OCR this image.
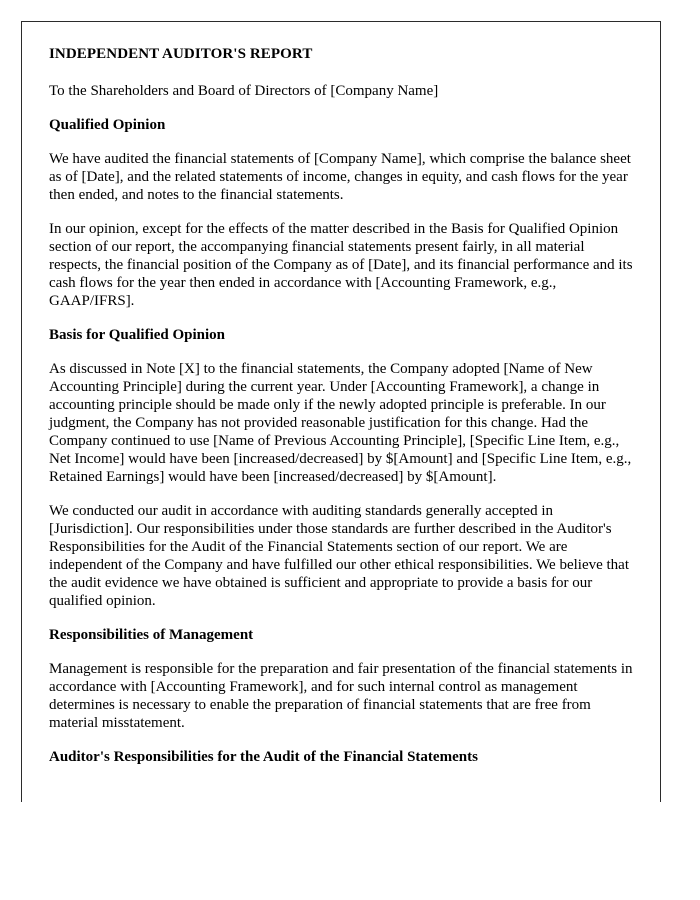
INDEPENDENT AUDITOR'S REPORT
To the Shareholders and Board of Directors of [Company Name]
Qualified Opinion

We have audited the financial statements of [Company Name], which comprise the balance sheet as of [Date], and the related statements of income, changes in equity, and cash flows for the year then ended, and notes to the financial statements.

In our opinion, except for the effects of the matter described in the Basis for Qualified Opinion section of our report, the accompanying financial statements present fairly, in all material respects, the financial position of the Company as of [Date], and its financial performance and its cash flows for the year then ended in accordance with [Accounting Framework, e.g., GAAP/IFRS].

Basis for Qualified Opinion

As discussed in Note [X] to the financial statements, the Company adopted [Name of New Accounting Principle] during the current year. Under [Accounting Framework], a change in accounting principle should be made only if the newly adopted principle is preferable. In our judgment, the Company has not provided reasonable justification for this change. Had the Company continued to use [Name of Previous Accounting Principle], [Specific Line Item, e.g., Net Income] would have been [increased/decreased] by $[Amount] and [Specific Line Item, e.g., Retained Earnings] would have been [increased/decreased] by $[Amount].

We conducted our audit in accordance with auditing standards generally accepted in [Jurisdiction]. Our responsibilities under those standards are further described in the Auditor's Responsibilities for the Audit of the Financial Statements section of our report. We are independent of the Company and have fulfilled our other ethical responsibilities. We believe that the audit evidence we have obtained is sufficient and appropriate to provide a basis for our qualified opinion.

Responsibilities of Management

Management is responsible for the preparation and fair presentation of the financial statements in accordance with [Accounting Framework], and for such internal control as management determines is necessary to enable the preparation of financial statements that are free from material misstatement.

Auditor's Responsibilities for the Audit of the Financial Statements
